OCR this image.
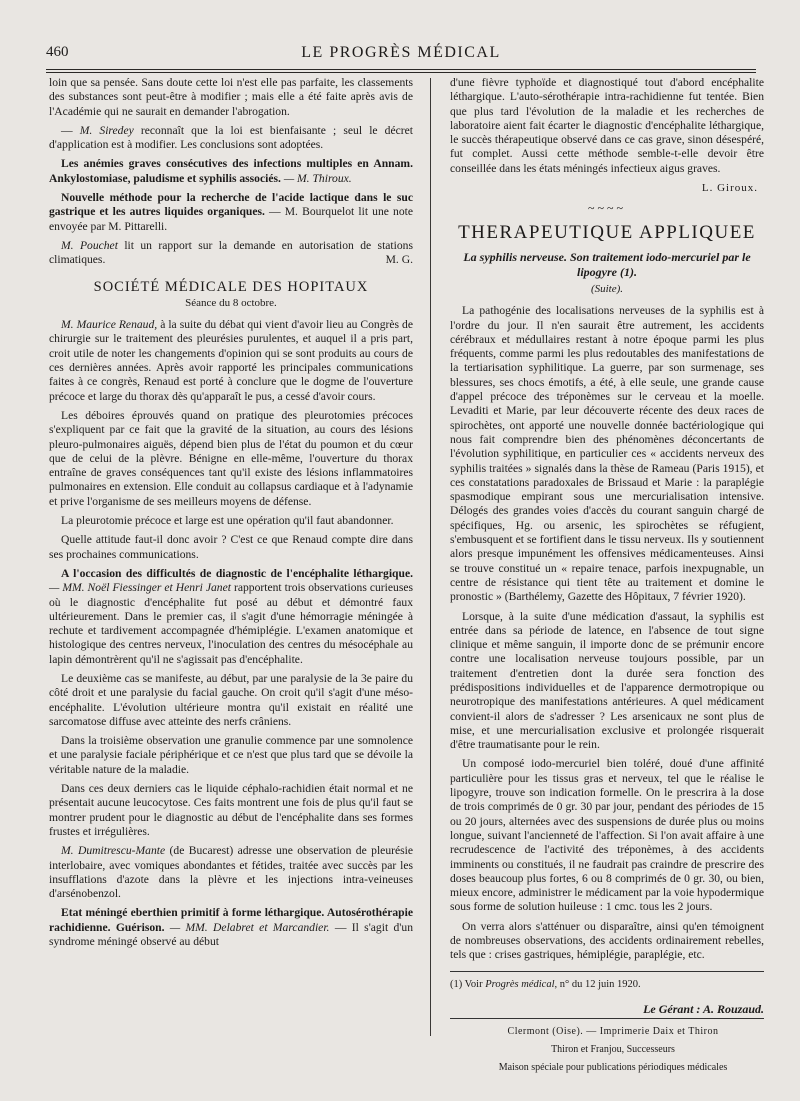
460	LE PROGRÈS MÉDICAL

loin que sa pensée. Sans doute cette loi n'est elle pas parfaite, les classements des substances sont peut-être à modifier ; mais elle a été faite après avis de l'Académie qui ne saurait en demander l'abrogation.

— M. Siredey reconnaît que la loi est bienfaisante ; seul le décret d'application est à modifier. Les conclusions sont adoptées.

Les anémies graves consécutives des infections multiples en Annam. Ankylostomiase, paludisme et syphilis associés. — M. Thiroux.

Nouvelle méthode pour la recherche de l'acide lactique dans le suc gastrique et les autres liquides organiques. — M. Bourquelot lit une note envoyée par M. Pittarelli.

M. Pouchet lit un rapport sur la demande en autorisation de stations climatiques.	M. G.

SOCIÉTÉ MÉDICALE DES HOPITAUX
Séance du 8 octobre.

M. Maurice Renaud, à la suite du débat qui vient d'avoir lieu au Congrès de chirurgie sur le traitement des pleurésies purulentes, et auquel il a pris part, croit utile de noter les changements d'opinion qui se sont produits au cours de ces dernières années. Après avoir rapporté les principales communications faites à ce congrès, Renaud est porté à conclure que le dogme de l'ouverture précoce et large du thorax dès qu'apparaît le pus, a cessé d'avoir cours.

Les déboires éprouvés quand on pratique des pleurotomies précoces s'expliquent par ce fait que la gravité de la situation, au cours des lésions pleuro-pulmonaires aiguës, dépend bien plus de l'état du poumon et du cœur que de celui de la plèvre. Bénigne en elle-même, l'ouverture du thorax entraîne de graves conséquences tant qu'il existe des lésions inflammatoires pulmonaires en extension. Elle conduit au collapsus cardiaque et à l'adynamie et prive l'organisme de ses meilleurs moyens de défense.

La pleurotomie précoce et large est une opération qu'il faut abandonner.

Quelle attitude faut-il donc avoir ? C'est ce que Renaud compte dire dans ses prochaines communications.

A l'occasion des difficultés de diagnostic de l'encéphalite léthargique. — MM. Noël Fiessinger et Henri Janet rapportent trois observations curieuses où le diagnostic d'encéphalite fut posé au début et démontré faux ultérieurement. Dans le premier cas, il s'agit d'une hémorragie méningée à rechute et tardivement accompagnée d'hémiplégie. L'examen anatomique et histologique des centres nerveux, l'inoculation des centres du mésocéphale au lapin démontrèrent qu'il ne s'agissait pas d'encéphalite.

Le deuxième cas se manifeste, au début, par une paralysie de la 3e paire du côté droit et une paralysie du facial gauche. On croit qu'il s'agit d'une méso-encéphalite. L'évolution ultérieure montra qu'il existait en réalité une sarcomatose diffuse avec atteinte des nerfs crâniens.

Dans la troisième observation une granulie commence par une somnolence et une paralysie faciale périphérique et ce n'est que plus tard que se dévoile la véritable nature de la maladie.

Dans ces deux derniers cas le liquide céphalo-rachidien était normal et ne présentait aucune leucocytose. Ces faits montrent une fois de plus qu'il faut se montrer prudent pour le diagnostic au début de l'encéphalite dans ses formes frustes et irrégulières.

M. Dumitrescu-Mante (de Bucarest) adresse une observation de pleurésie interlobaire, avec vomiques abondantes et fétides, traitée avec succès par les insufflations d'azote dans la plèvre et les injections intra-veineuses d'arsénobenzol.

Etat méningé eberthien primitif à forme léthargique. Autosérothérapie rachidienne. Guérison. — MM. Delabret et Marcandier. — Il s'agit d'un syndrome méningé observé au début

d'une fièvre typhoïde et diagnostiqué tout d'abord encéphalite léthargique. L'auto-sérothérapie intra-rachidienne fut tentée. Bien que plus tard l'évolution de la maladie et les recherches de laboratoire aient fait écarter le diagnostic d'encéphalite léthargique, le succès thérapeutique observé dans ce cas grave, sinon désespéré, fut complet. Aussi cette méthode semble-t-elle devoir être conseillée dans les états méningés infectieux aigus graves.

L. Giroux.
~~~~
THERAPEUTIQUE APPLIQUEE
La syphilis nerveuse. Son traitement iodo-mercuriel par le lipogyre (1).
(Suite).

La pathogénie des localisations nerveuses de la syphilis est à l'ordre du jour. Il n'en saurait être autrement, les accidents cérébraux et médullaires restant à notre époque parmi les plus fréquents, comme parmi les plus redoutables des manifestations de la tertiarisation syphilitique. La guerre, par son surmenage, ses blessures, ses chocs émotifs, a été, à elle seule, une grande cause d'appel précoce des tréponèmes sur le cerveau et la moelle. Levaditi et Marie, par leur découverte récente des deux races de spirochètes, ont apporté une nouvelle donnée bactériologique qui nous fait comprendre bien des phénomènes déconcertants de l'évolution syphilitique, en particulier ces « accidents nerveux des syphilis traitées » signalés dans la thèse de Rameau (Paris 1915), et ces constatations paradoxales de Brissaud et Marie : la paraplégie spasmodique empirant sous une mercurialisation intensive. Délogés des grandes voies d'accès du courant sanguin chargé de spécifiques, Hg. ou arsenic, les spirochètes se réfugient, s'embusquent et se fortifient dans le tissu nerveux. Ils y soutiennent alors presque impunément les offensives médicamenteuses. Ainsi se trouve constitué un « repaire tenace, parfois inexpugnable, un centre de résistance qui tient tête au traitement et domine le pronostic » (Barthélemy, Gazette des Hôpitaux, 7 février 1920).

Lorsque, à la suite d'une médication d'assaut, la syphilis est entrée dans sa période de latence, en l'absence de tout signe clinique et même sanguin, il importe donc de se prémunir encore contre une localisation nerveuse toujours possible, par un traitement d'entretien dont la durée sera fonction des prédispositions individuelles et de l'apparence dermotropique ou neurotropique des manifestations antérieures. A quel médicament convient-il alors de s'adresser ? Les arsenicaux ne sont plus de mise, et une mercurialisation exclusive et prolongée risquerait d'être traumatisante pour le rein.

Un composé iodo-mercuriel bien toléré, doué d'une affinité particulière pour les tissus gras et nerveux, tel que le réalise le lipogyre, trouve son indication formelle. On le prescrira à la dose de trois comprimés de 0 gr. 30 par jour, pendant des périodes de 15 ou 20 jours, alternées avec des suspensions de durée plus ou moins longue, suivant l'ancienneté de l'affection. Si l'on avait affaire à une recrudescence de l'activité des tréponèmes, à des accidents imminents ou constitués, il ne faudrait pas craindre de prescrire des doses beaucoup plus fortes, 6 ou 8 comprimés de 0 gr. 30, ou bien, mieux encore, administrer le médicament par la voie hypodermique sous forme de solution huileuse : 1 cmc. tous les 2 jours.

On verra alors s'atténuer ou disparaître, ainsi qu'en témoignent de nombreuses observations, des accidents ordinairement rebelles, tels que : crises gastriques, hémiplégie, paraplégie, etc.

(1) Voir Progrès médical, n° du 12 juin 1920.

Le Gérant : A. Rouzaud.

Clermont (Oise). — Imprimerie Daix et Thiron

Thiron et Franjou, Successeurs

Maison spéciale pour publications périodiques médicales
